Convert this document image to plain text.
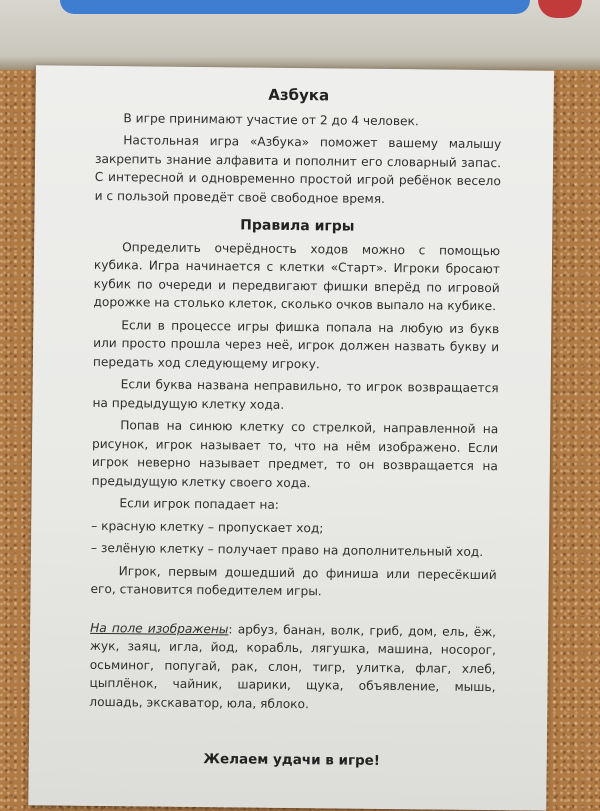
Азбука

В игре принимают участие от 2 до 4 человек.

Настольная игра «Азбука» поможет вашему малышу закрепить знание алфавита и пополнит его словарный запас. С интересной и одновременно простой игрой ребёнок весело и с пользой проведёт своё свободное время.

Правила игры

Определить очерёдность ходов можно с помощью кубика. Игра начинается с клетки «Старт». Игроки бросают кубик по очереди и передвигают фишки вперёд по игровой дорожке на столько клеток, сколько очков выпало на кубике.

Если в процессе игры фишка попала на любую из букв или просто прошла через неё, игрок должен назвать букву и передать ход следующему игроку.

Если буква названа неправильно, то игрок возвращается на предыдущую клетку хода.

Попав на синюю клетку со стрелкой, направленной на рисунок, игрок называет то, что на нём изображено. Если игрок неверно называет предмет, то он возвращается на предыдущую клетку своего хода.

Если игрок попадает на:

– красную клетку – пропускает ход;

– зелёную клетку – получает право на дополнительный ход.

Игрок, первым дошедший до финиша или пересёкший его, становится победителем игры.

На поле изображены: арбуз, банан, волк, гриб, дом, ель, ёж, жук, заяц, игла, йод, корабль, лягушка, машина, носорог, осьминог, попугай, рак, слон, тигр, улитка, флаг, хлеб, цыплёнок, чайник, шарики, щука, объявление, мышь, лошадь, экскаватор, юла, яблоко.

Желаем удачи в игре!
